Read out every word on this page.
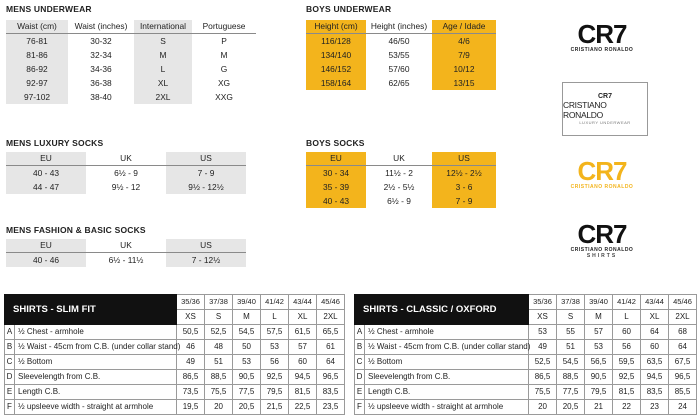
MENS UNDERWEAR
Waist (cm)	Waist (inches)	International	Portuguese
76-81	30-32	S	P
81-86	32-34	M	M
86-92	34-36	L	G
92-97	36-38	XL	XG
97-102	38-40	2XL	XXG
BOYS UNDERWEAR
Height (cm)	Height (inches)	Age / Idade
116/128	46/50	4/6
134/140	53/55	7/9
146/152	57/60	10/12
158/164	62/65	13/15
MENS LUXURY SOCKS
EU	UK	US
40 - 43	6½ - 9	7 - 9
44 - 47	9½ - 12	9½ - 12½
BOYS SOCKS
EU	UK	US
30 - 34	11½ - 2	12½ - 2½
35 - 39	2½ - 5½	3 - 6
40 - 43	6½ - 9	7 - 9
MENS FASHION & BASIC SOCKS
EU	UK	US
40 - 46	6½ - 11½	7 - 12½
CR7
CRISTIANO RONALDO
CR7
CRISTIANO RONALDO
LUXURY UNDERWEAR
CR7
CRISTIANO RONALDO
CR7
CRISTIANO RONALDO
SHIRTS
SHIRTS - SLIM FIT		35/36	37/38	39/40	41/42	43/44	45/46
		XS	S	M	L	XL	2XL
A	½ Chest - armhole	50,5	52,5	54,5	57,5	61,5	65,5
B	½ Waist - 45cm from C.B. (under collar stand)	46	48	50	53	57	61
C	½ Bottom	49	51	53	56	60	64
D	Sleevelength from C.B.	86,5	88,5	90,5	92,5	94,5	96,5
E	Length C.B.	73,5	75,5	77,5	79,5	81,5	83,5
F	½ upsleeve width - straight at armhole	19,5	20	20,5	21,5	22,5	23,5
SHIRTS - CLASSIC / OXFORD		35/36	37/38	39/40	41/42	43/44	45/46
		XS	S	M	L	XL	2XL
A	½ Chest - armhole	53	55	57	60	64	68
B	½ Waist - 45cm from C.B. (under collar stand)	49	51	53	56	60	64
C	½ Bottom	52,5	54,5	56,5	59,5	63,5	67,5
D	Sleevelength from C.B.	86,5	88,5	90,5	92,5	94,5	96,5
E	Length C.B.	75,5	77,5	79,5	81,5	83,5	85,5
F	½ upsleeve width - straight at armhole	20	20,5	21	22	23	24
